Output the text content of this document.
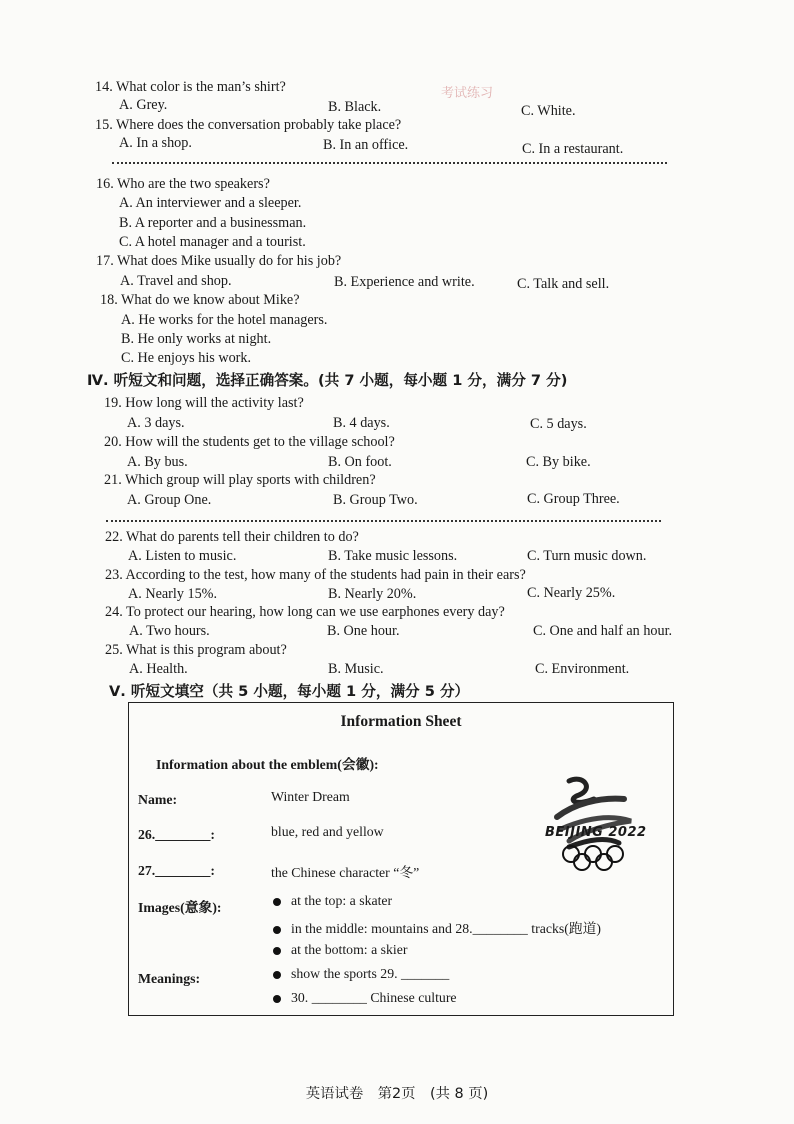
考试练习
14. What color is the man’s shirt?
A. Grey.	B. Black.	C. White.
15. Where does the conversation probably take place?
A. In a shop.	B. In an office.	C. In a restaurant.
16. Who are the two speakers?
A. An interviewer and a sleeper.
B. A reporter and a businessman.
C. A hotel manager and a tourist.
17. What does Mike usually do for his job?
A. Travel and shop.	B. Experience and write.	C. Talk and sell.
18. What do we know about Mike?
A. He works for the hotel managers.
B. He only works at night.
C. He enjoys his work.
Ⅳ. 听短文和问题，选择正确答案。(共 7 小题，每小题 1 分，满分 7 分)
19. How long will the activity last?
A. 3 days.	B. 4 days.	C. 5 days.
20. How will the students get to the village school?
A. By bus.	B. On foot.	C. By bike.
21. Which group will play sports with children?
A. Group One.	B. Group Two.	C. Group Three.
22. What do parents tell their children to do?
A. Listen to music.	B. Take music lessons.	C. Turn music down.
23. According to the test, how many of the students had pain in their ears?
A. Nearly 15%.	B. Nearly 20%.	C. Nearly 25%.
24. To protect our hearing, how long can we use earphones every day?
A. Two hours.	B. One hour.	C. One and half an hour.
25. What is this program about?
A. Health.	B. Music.	C. Environment.
Ⅴ. 听短文填空（共 5 小题，每小题 1 分，满分 5 分）
Information Sheet
Information about the emblem(会徽):
Name:	Winter Dream
26.________:	blue, red and yellow
27.________:	the Chinese character “冬”
Images(意象):	at the top: a skater
in the middle: mountains and 28.________ tracks(跑道)
at the bottom: a skier
Meanings:	show the sports 29. _______
30. ________ Chinese culture
BEIJING 2022
英语试卷　第2页　(共 8 页)
